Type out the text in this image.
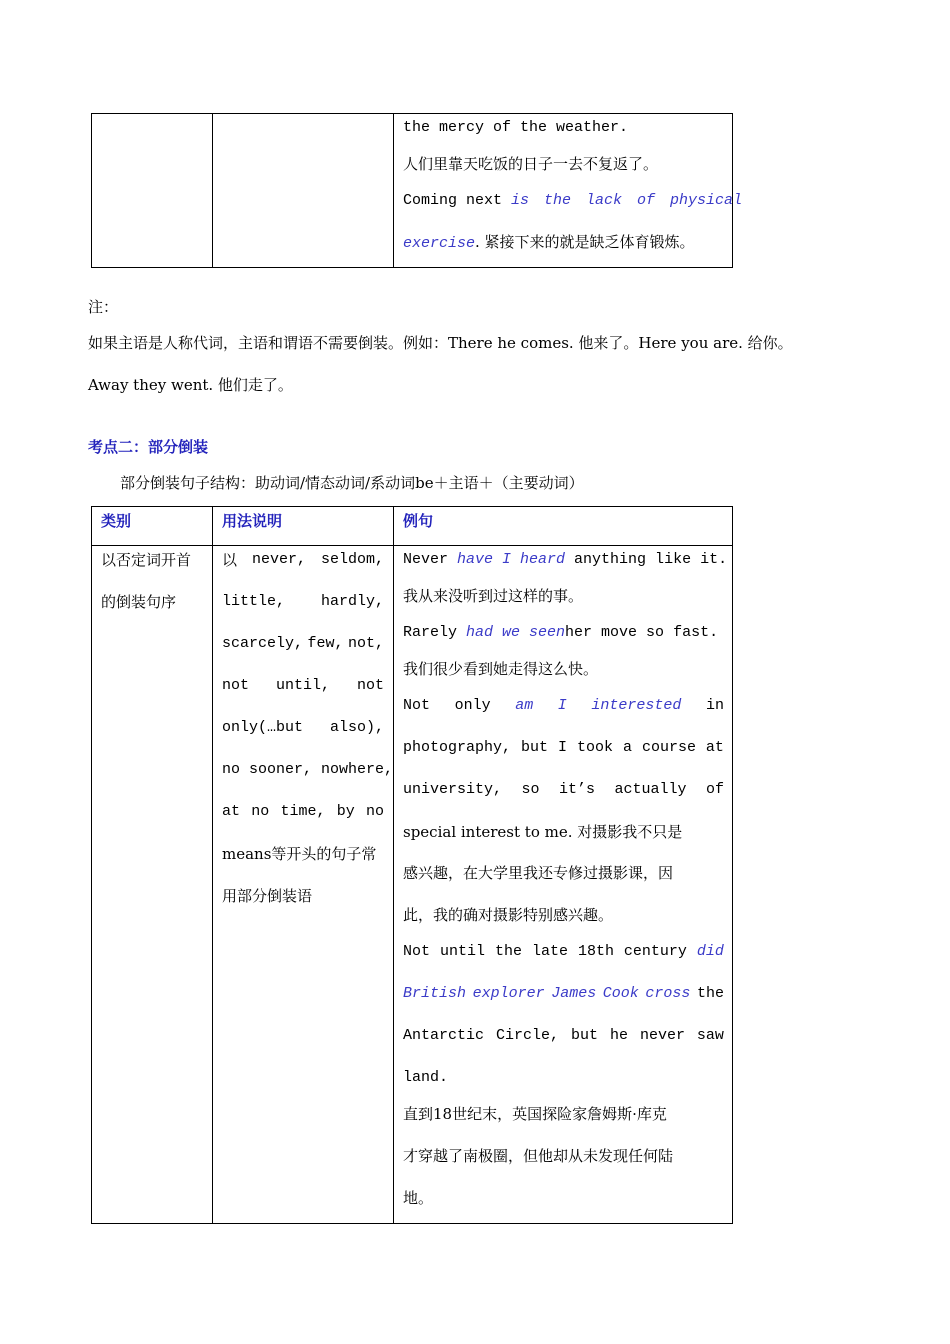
the mercy of the weather.
人们里靠天吃饭的日子一去不复返了。
Coming next is the lack of physical
exercise. 紧接下来的就是缺乏体育锻炼。
注：
如果主语是人称代词，主语和谓语不需要倒装。例如：There he comes. 他来了。Here you are. 给你。
Away they went. 他们走了。
考点二：部分倒装
部分倒装句子结构：助动词/情态动词/系动词be＋主语＋（主要动词）
类别	用法说明	例句
以否定词开首
的倒装句序
以 never, seldom,
little, hardly,
scarcely, few, not,
not until, not
only(…but also),
no sooner, nowhere,
at no time, by no
means等开头的句子常
用部分倒装语
Never have I heard anything like it.
我从来没听到过这样的事。
Rarely had we seenher move so fast.
我们很少看到她走得这么快。
Not only am I interested in
photography, but I took a course at
university, so it’s actually of
special interest to me. 对摄影我不只是
感兴趣，在大学里我还专修过摄影课，因
此，我的确对摄影特别感兴趣。
Not until the late 18th century did
British explorer James Cook cross the
Antarctic Circle, but he never saw
land.
直到18世纪末，英国探险家詹姆斯·库克
才穿越了南极圈，但他却从未发现任何陆
地。
